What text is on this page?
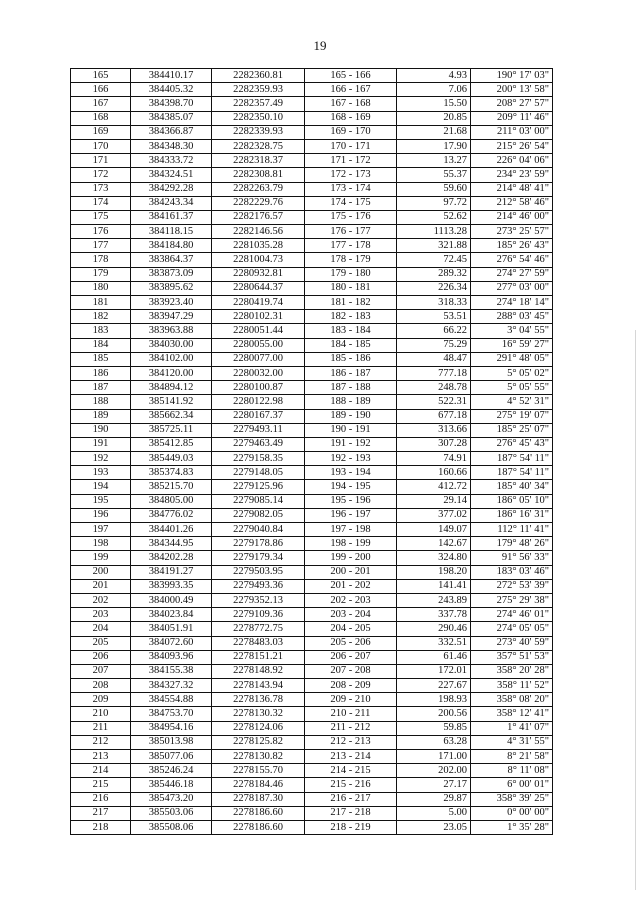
19
165	384410.17	2282360.81	165 - 166	4.93	190° 17' 03"
166	384405.32	2282359.93	166 - 167	7.06	200° 13' 58"
167	384398.70	2282357.49	167 - 168	15.50	208° 27' 57"
168	384385.07	2282350.10	168 - 169	20.85	209° 11' 46"
169	384366.87	2282339.93	169 - 170	21.68	211° 03' 00"
170	384348.30	2282328.75	170 - 171	17.90	215° 26' 54"
171	384333.72	2282318.37	171 - 172	13.27	226° 04' 06"
172	384324.51	2282308.81	172 - 173	55.37	234° 23' 59"
173	384292.28	2282263.79	173 - 174	59.60	214° 48' 41"
174	384243.34	2282229.76	174 - 175	97.72	212° 58' 46"
175	384161.37	2282176.57	175 - 176	52.62	214° 46' 00"
176	384118.15	2282146.56	176 - 177	1113.28	273° 25' 57"
177	384184.80	2281035.28	177 - 178	321.88	185° 26' 43"
178	383864.37	2281004.73	178 - 179	72.45	276° 54' 46"
179	383873.09	2280932.81	179 - 180	289.32	274° 27' 59"
180	383895.62	2280644.37	180 - 181	226.34	277° 03' 00"
181	383923.40	2280419.74	181 - 182	318.33	274° 18' 14"
182	383947.29	2280102.31	182 - 183	53.51	288° 03' 45"
183	383963.88	2280051.44	183 - 184	66.22	3° 04' 55"
184	384030.00	2280055.00	184 - 185	75.29	16° 59' 27"
185	384102.00	2280077.00	185 - 186	48.47	291° 48' 05"
186	384120.00	2280032.00	186 - 187	777.18	5° 05' 02"
187	384894.12	2280100.87	187 - 188	248.78	5° 05' 55"
188	385141.92	2280122.98	188 - 189	522.31	4° 52' 31"
189	385662.34	2280167.37	189 - 190	677.18	275° 19' 07"
190	385725.11	2279493.11	190 - 191	313.66	185° 25' 07"
191	385412.85	2279463.49	191 - 192	307.28	276° 45' 43"
192	385449.03	2279158.35	192 - 193	74.91	187° 54' 11"
193	385374.83	2279148.05	193 - 194	160.66	187° 54' 11"
194	385215.70	2279125.96	194 - 195	412.72	185° 40' 34"
195	384805.00	2279085.14	195 - 196	29.14	186° 05' 10"
196	384776.02	2279082.05	196 - 197	377.02	186° 16' 31"
197	384401.26	2279040.84	197 - 198	149.07	112° 11' 41"
198	384344.95	2279178.86	198 - 199	142.67	179° 48' 26"
199	384202.28	2279179.34	199 - 200	324.80	91° 56' 33"
200	384191.27	2279503.95	200 - 201	198.20	183° 03' 46"
201	383993.35	2279493.36	201 - 202	141.41	272° 53' 39"
202	384000.49	2279352.13	202 - 203	243.89	275° 29' 38"
203	384023.84	2279109.36	203 - 204	337.78	274° 46' 01"
204	384051.91	2278772.75	204 - 205	290.46	274° 05' 05"
205	384072.60	2278483.03	205 - 206	332.51	273° 40' 59"
206	384093.96	2278151.21	206 - 207	61.46	357° 51' 53"
207	384155.38	2278148.92	207 - 208	172.01	358° 20' 28"
208	384327.32	2278143.94	208 - 209	227.67	358° 11' 52"
209	384554.88	2278136.78	209 - 210	198.93	358° 08' 20"
210	384753.70	2278130.32	210 - 211	200.56	358° 12' 41"
211	384954.16	2278124.06	211 - 212	59.85	1° 41' 07"
212	385013.98	2278125.82	212 - 213	63.28	4° 31' 55"
213	385077.06	2278130.82	213 - 214	171.00	8° 21' 58"
214	385246.24	2278155.70	214 - 215	202.00	8° 11' 08"
215	385446.18	2278184.46	215 - 216	27.17	6° 00' 01"
216	385473.20	2278187.30	216 - 217	29.87	358° 39' 25"
217	385503.06	2278186.60	217 - 218	5.00	0° 00' 00"
218	385508.06	2278186.60	218 - 219	23.05	1° 35' 28"
